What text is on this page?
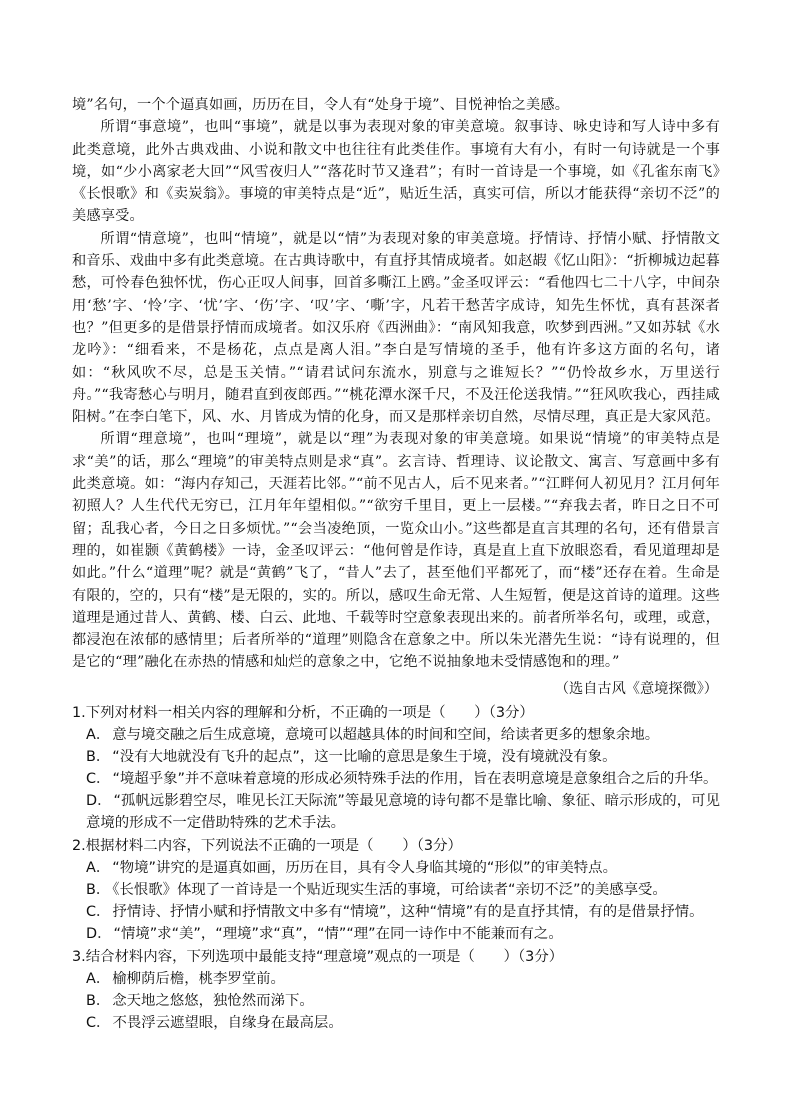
境”名句，一个个逼真如画，历历在目，令人有“处身于境”、目悦神怡之美感。

所谓“事意境”，也叫“事境”，就是以事为表现对象的审美意境。叙事诗、咏史诗和写人诗中多有此类意境，此外古典戏曲、小说和散文中也往往有此类佳作。事境有大有小，有时一句诗就是一个事境，如“少小离家老大回”“风雪夜归人”“落花时节又逢君”；有时一首诗是一个事境，如《孔雀东南飞》《长恨歌》和《卖炭翁》。事境的审美特点是“近”，贴近生活，真实可信，所以才能获得“亲切不泛”的美感享受。

所谓“情意境”，也叫“情境”，就是以“情”为表现对象的审美意境。抒情诗、抒情小赋、抒情散文和音乐、戏曲中多有此类意境。在古典诗歌中，有直抒其情成境者。如赵嘏《忆山阳》：“折柳城边起暮愁，可怜春色独怀忧，伤心正叹人间事，回首多嘶江上鸥。”金圣叹评云：“看他四七二十八字，中间杂用‘愁’字、‘怜’字、‘忧’字、‘伤’字、‘叹’字、‘嘶’字，凡若干愁苦字成诗，知先生怀忧，真有甚深者也？”但更多的是借景抒情而成境者。如汉乐府《西洲曲》：“南风知我意，吹梦到西洲。”又如苏轼《水龙吟》：“细看来，不是杨花，点点是离人泪。”李白是写情境的圣手，他有许多这方面的名句，诸如：“秋风吹不尽，总是玉关情。”“请君试问东流水，别意与之谁短长？”“仍怜故乡水，万里送行舟。”“我寄愁心与明月，随君直到夜郎西。”“桃花潭水深千尺，不及汪伦送我情。”“狂风吹我心，西挂咸阳树。”在李白笔下，风、水、月皆成为情的化身，而又是那样亲切自然，尽情尽理，真正是大家风范。

所谓“理意境”，也叫“理境”，就是以“理”为表现对象的审美意境。如果说“情境”的审美特点是求“美”的话，那么“理境”的审美特点则是求“真”。玄言诗、哲理诗、议论散文、寓言、写意画中多有此类意境。如：“海内存知己，天涯若比邻。”“前不见古人，后不见来者。”“江畔何人初见月？江月何年初照人？人生代代无穷已，江月年年望相似。”“欲穷千里目，更上一层楼。”“弃我去者，昨日之日不可留；乱我心者，今日之日多烦忧。”“会当凌绝顶，一览众山小。”这些都是直言其理的名句，还有借景言理的，如崔颢《黄鹤楼》一诗，金圣叹评云：“他何曾是作诗，真是直上直下放眼恣看，看见道理却是如此。”什么“道理”呢？就是“黄鹤”飞了，“昔人”去了，甚至他们平都死了，而“楼”还存在着。生命是有限的，空的，只有“楼”是无限的，实的。所以，感叹生命无常、人生短暂，便是这首诗的道理。这些道理是通过昔人、黄鹤、楼、白云、此地、千载等时空意象表现出来的。前者所举名句，或理，或意，都浸泡在浓郁的感情里；后者所举的“道理”则隐含在意象之中。所以朱光潜先生说：“诗有说理的，但是它的“理”融化在赤热的情感和灿烂的意象之中，它绝不说抽象地未受情感饱和的理。”

（选自古风《意境探微》）

1.下列对材料一相关内容的理解和分析，不正确的一项是（　　）（3分）

A． 意与境交融之后生成意境，意境可以超越具体的时间和空间，给读者更多的想象余地。

B． “没有大地就没有飞升的起点”，这一比喻的意思是象生于境，没有境就没有象。

C． “境超乎象”并不意味着意境的形成必须特殊手法的作用，旨在表明意境是意象组合之后的升华。

D． “孤帆远影碧空尽，唯见长江天际流”等最见意境的诗句都不是靠比喻、象征、暗示形成的，可见意境的形成不一定借助特殊的艺术手法。

2.根据材料二内容，下列说法不正确的一项是（　　）（3分）

A． “物境”讲究的是逼真如画，历历在目，具有令人身临其境的“形似”的审美特点。

B． 《长恨歌》体现了一首诗是一个贴近现实生活的事境，可给读者“亲切不泛”的美感享受。

C． 抒情诗、抒情小赋和抒情散文中多有“情境”，这种“情境”有的是直抒其情，有的是借景抒情。

D． “情境”求“美”，“理境”求“真”，“情”“理”在同一诗作中不能兼而有之。

3.结合材料内容，下列选项中最能支持“理意境”观点的一项是（　　）（3分）

A． 榆柳荫后檐，桃李罗堂前。

B． 念天地之悠悠，独怆然而涕下。

C． 不畏浮云遮望眼，自缘身在最高层。
